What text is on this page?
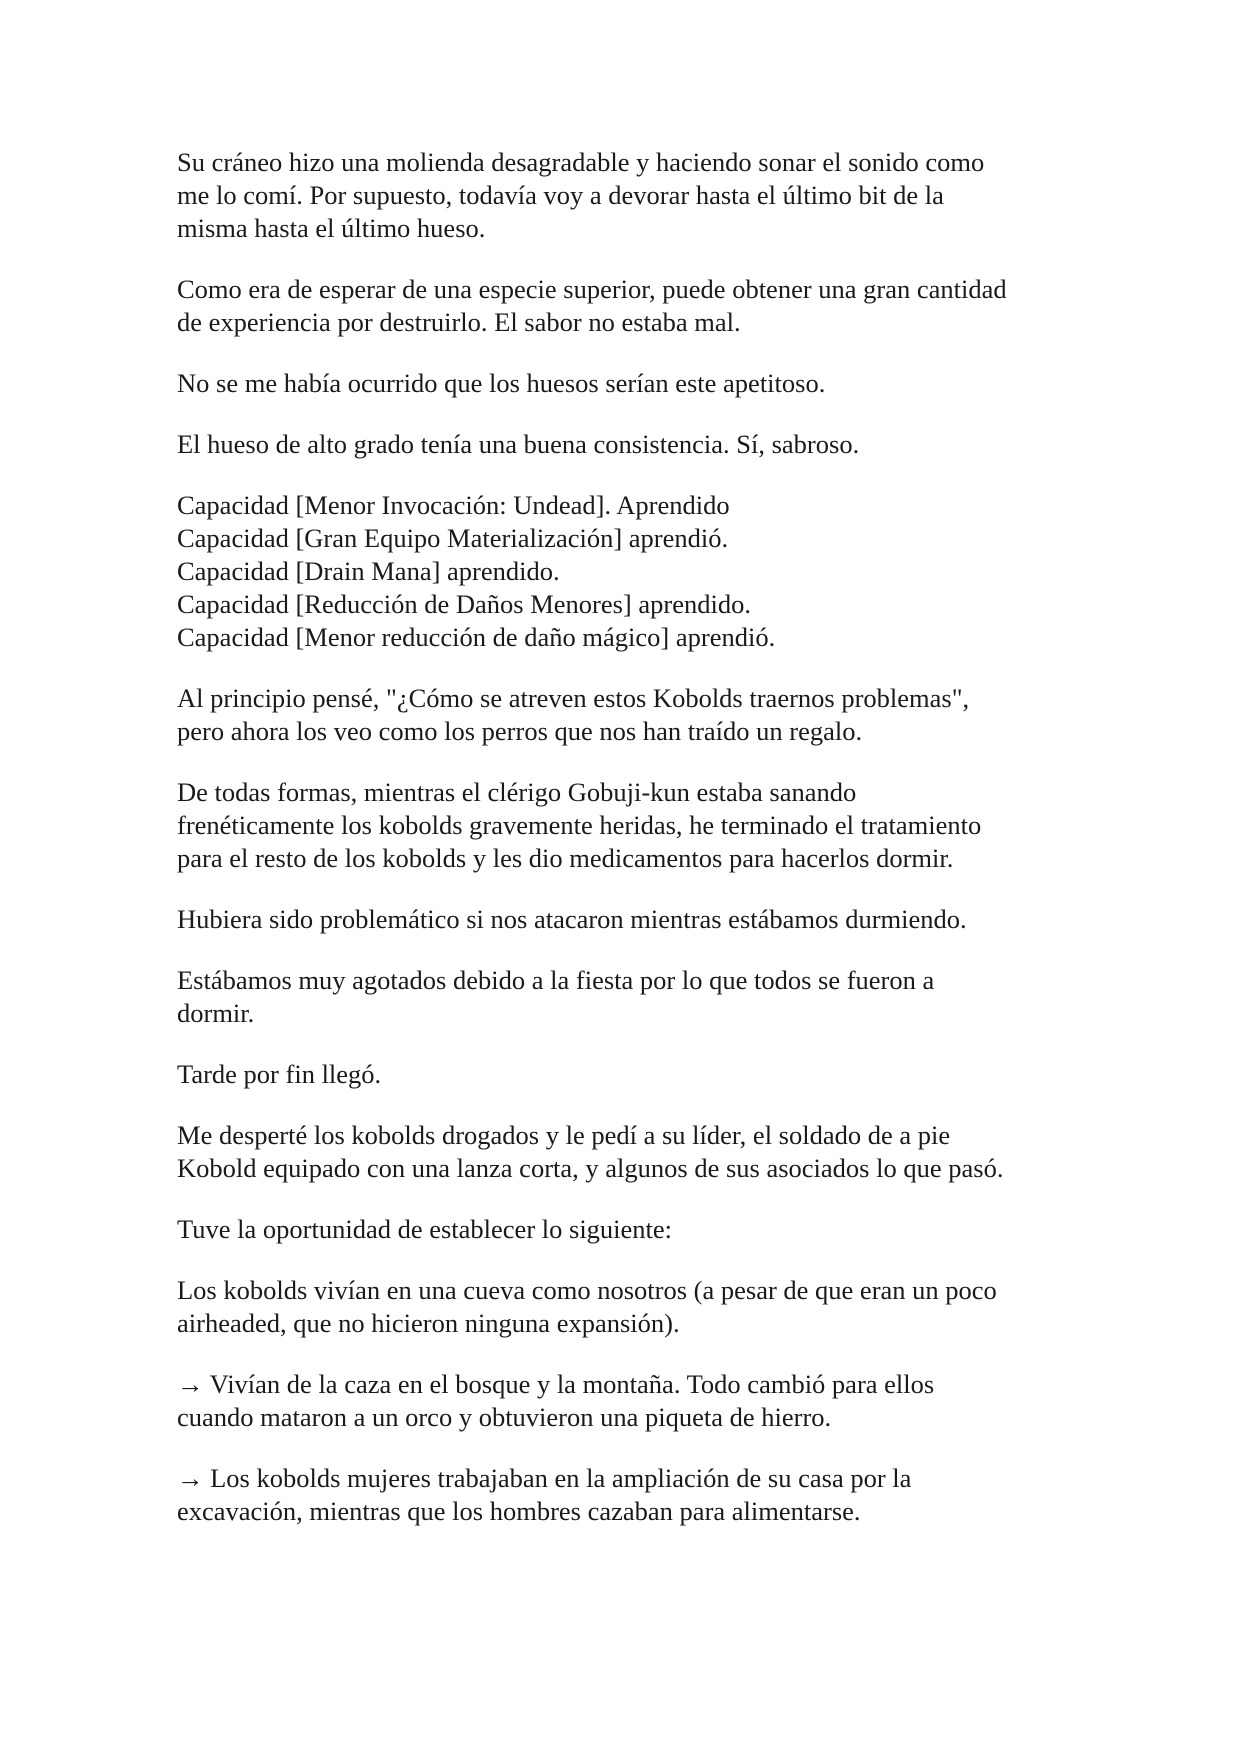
Su cráneo hizo una molienda desagradable y haciendo sonar el sonido como
me lo comí. Por supuesto, todavía voy a devorar hasta el último bit de la
misma hasta el último hueso.

Como era de esperar de una especie superior, puede obtener una gran cantidad
de experiencia por destruirlo. El sabor no estaba mal.

No se me había ocurrido que los huesos serían este apetitoso.

El hueso de alto grado tenía una buena consistencia. Sí, sabroso.

Capacidad [Menor Invocación: Undead]. Aprendido
Capacidad [Gran Equipo Materialización] aprendió.
Capacidad [Drain Mana] aprendido.
Capacidad [Reducción de Daños Menores] aprendido.
Capacidad [Menor reducción de daño mágico] aprendió.

Al principio pensé, "¿Cómo se atreven estos Kobolds traernos problemas",
pero ahora los veo como los perros que nos han traído un regalo.

De todas formas, mientras el clérigo Gobuji-kun estaba sanando
frenéticamente los kobolds gravemente heridas, he terminado el tratamiento
para el resto de los kobolds y les dio medicamentos para hacerlos dormir.

Hubiera sido problemático si nos atacaron mientras estábamos durmiendo.

Estábamos muy agotados debido a la fiesta por lo que todos se fueron a
dormir.

Tarde por fin llegó.

Me desperté los kobolds drogados y le pedí a su líder, el soldado de a pie
Kobold equipado con una lanza corta, y algunos de sus asociados lo que pasó.

Tuve la oportunidad de establecer lo siguiente:

Los kobolds vivían en una cueva como nosotros (a pesar de que eran un poco
airheaded, que no hicieron ninguna expansión).

→ Vivían de la caza en el bosque y la montaña. Todo cambió para ellos
cuando mataron a un orco y obtuvieron una piqueta de hierro.

→ Los kobolds mujeres trabajaban en la ampliación de su casa por la
excavación, mientras que los hombres cazaban para alimentarse.
